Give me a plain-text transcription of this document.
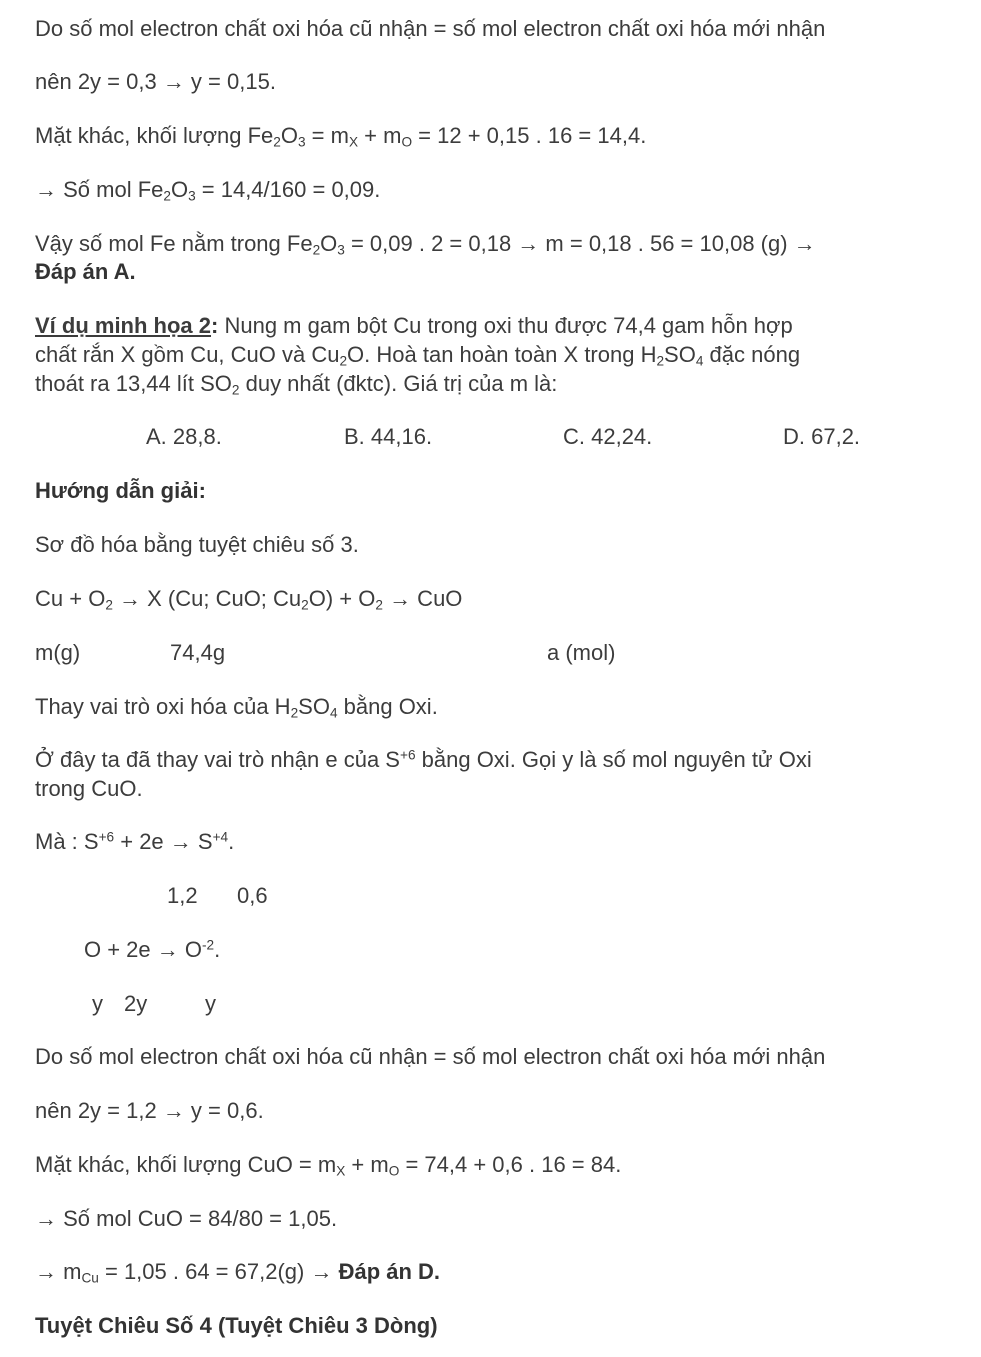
Do số mol electron chất oxi hóa cũ nhận = số mol electron chất oxi hóa mới nhận
nên 2y = 0,3 → y = 0,15.
Mặt khác, khối lượng $Fe_2O_3 = m_X + m_O = 12 + 0,15$ . 16 = 14,4.
→ Số mol $Fe_2O_3 = 14,4/160 = 0,09$.
Vậy số mol Fe nằm trong $Fe_2O_3 = 0,09$ . 2 = 0,18 → m = 0,18 . 56 = 10,08 (g) →
Đáp án A.
Ví dụ minh họa 2: Nung m gam bột Cu trong oxi thu được 74,4 gam hỗn hợp
chất rắn X gồm Cu, CuO và $Cu_2O$. Hoà tan hoàn toàn X trong $H_2SO_4$ đặc nóng
thoát ra 13,44 lít $SO_2$ duy nhất (đktc). Giá trị của m là:
A. 28,8.	B. 44,16.	C. 42,24.	D. 67,2.
Hướng dẫn giải:
Sơ đồ hóa bằng tuyệt chiêu số 3.
$Cu + O_2 \to X$ (Cu; CuO; $Cu_2O) + O_2$ → CuO
m(g)	74,4g	a (mol)
Thay vai trò oxi hóa của $H_2SO_4$ bằng Oxi.
Ở đây ta đã thay vai trò nhận e của $S^{+6}$ bằng Oxi. Gọi y là số mol nguyên tử Oxi
trong CuO.
Mà : $S^{+6} + 2e \to S^{+4}$.
1,2 0,6
$O + 2e \to O^{-2}$.
y 2y	y
Do số mol electron chất oxi hóa cũ nhận = số mol electron chất oxi hóa mới nhận
nên 2y = 1,2 → y = 0,6.
Mặt khác, khối lượng CuO = $m_X + m_O = 74,4 + 0,6$ . 16 = 84.
→ Số mol CuO = 84/80 = 1,05.
→ $m_{Cu} = 1,05$ . 64 = 67,2(g) → Đáp án D.
Tuyệt Chiêu Số 4 (Tuyệt Chiêu 3 Dòng)
